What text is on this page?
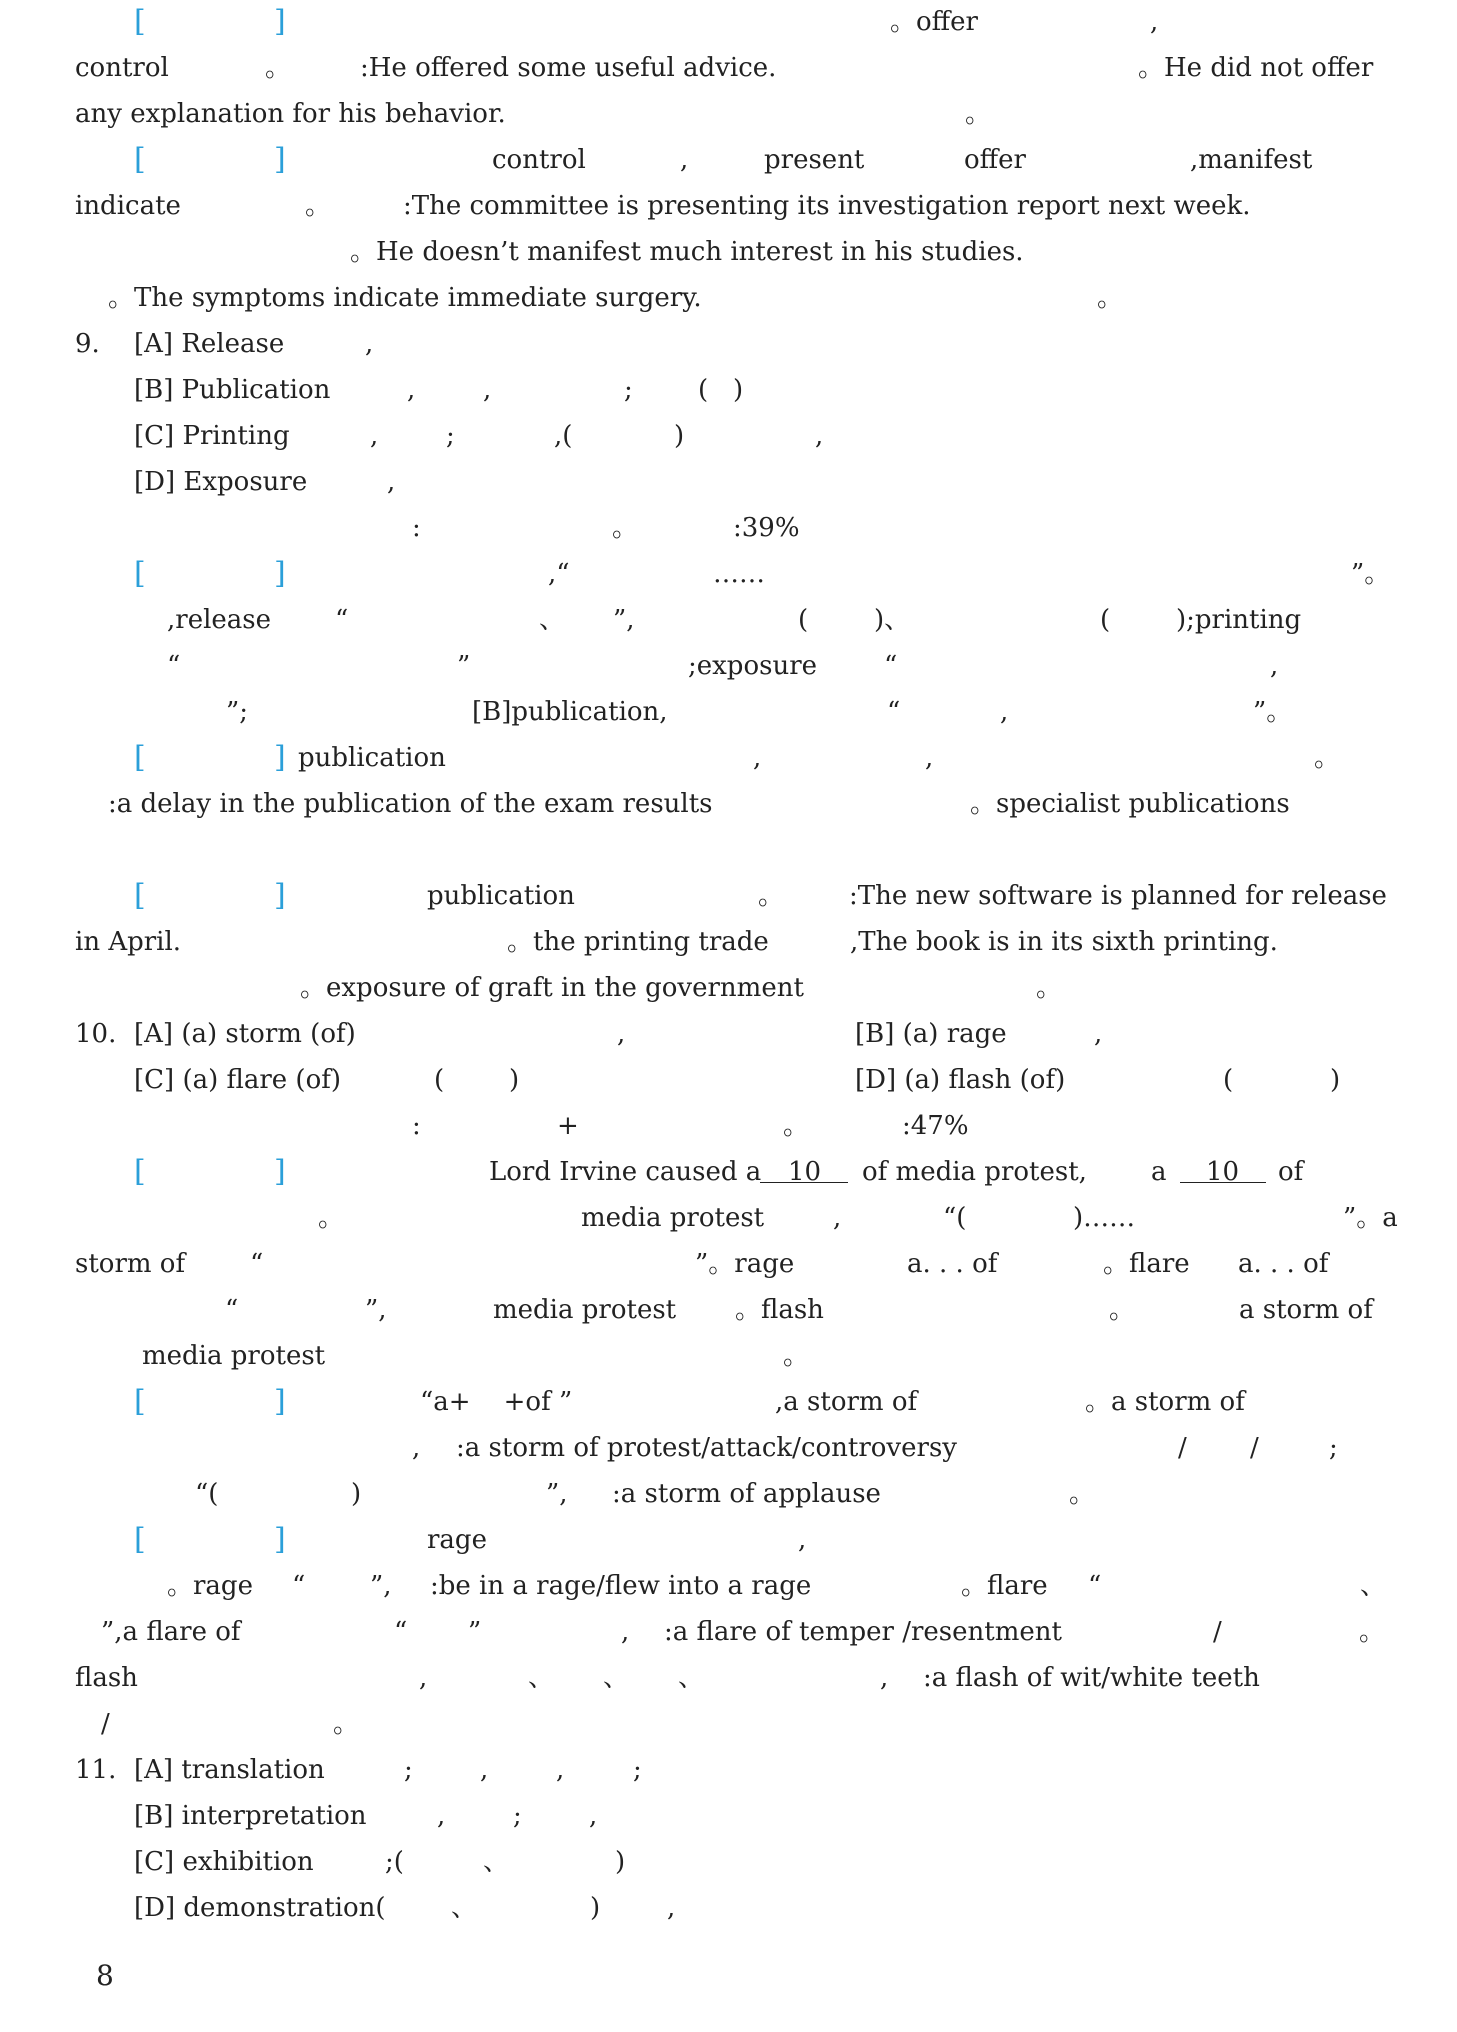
[	]	。offer	,
control	。	:He offered some useful advice.	。He did not offer
any explanation for his behavior.	。
[	]	control	,	present	offer	,manifest
indicate	。	:The committee is presenting its investigation report next week.
。He doesn’t manifest much interest in his studies.
。The symptoms indicate immediate surgery.	。
9. [A] Release	,
[B] Publication	,	,	;	(   )
[C] Printing	,	;	,(	)	,
[D] Exposure	,
:	。	:39%
[	]	,“	……	”。
,release “	、 ”,	(	)、	(	);printing
“	”	;exposure	“	,
”;	[B]publication,	“	,	”。
[	] publication	,	,	。
:a delay in the publication of the exam results	。specialist publications
[	]	publication	。 :The new software is planned for release
in April.	。the printing trade	,The book is in its sixth printing.
。exposure of graft in the government	。
10. [A] (a) storm (of)	,	[B] (a) rage	,
[C] (a) flare (of)	( )	[D] (a) flash (of)	(	)
:	+	。	:47%
[	]	Lord Irvine caused a 10 of media protest, a 10 of
。	media protest	,	“(	)……	”。a
storm of “	”。rage	a. . . of	。flare a. . . of
“	”,	media protest 。flash	。	a storm of
media protest	。
[	]	“a+    +of ”	,a storm of	。a storm of
, :a storm of protest/attack/controversy	/ /	;
“(	)	”, :a storm of applause	。
[	]	rage	,
。rage “ ”, :be in a rage/flew into a rage	。flare “	、
”,a flare of	“ ”	, :a flare of temper /resentment	/	。
flash	,	、 、 、	, :a flash of wit/white teeth
/	。
11. [A] translation	;	,	,	;
[B] interpretation	,	;	,
[C] exhibition	;(	、	)
[D] demonstration(	、	)	,
8
